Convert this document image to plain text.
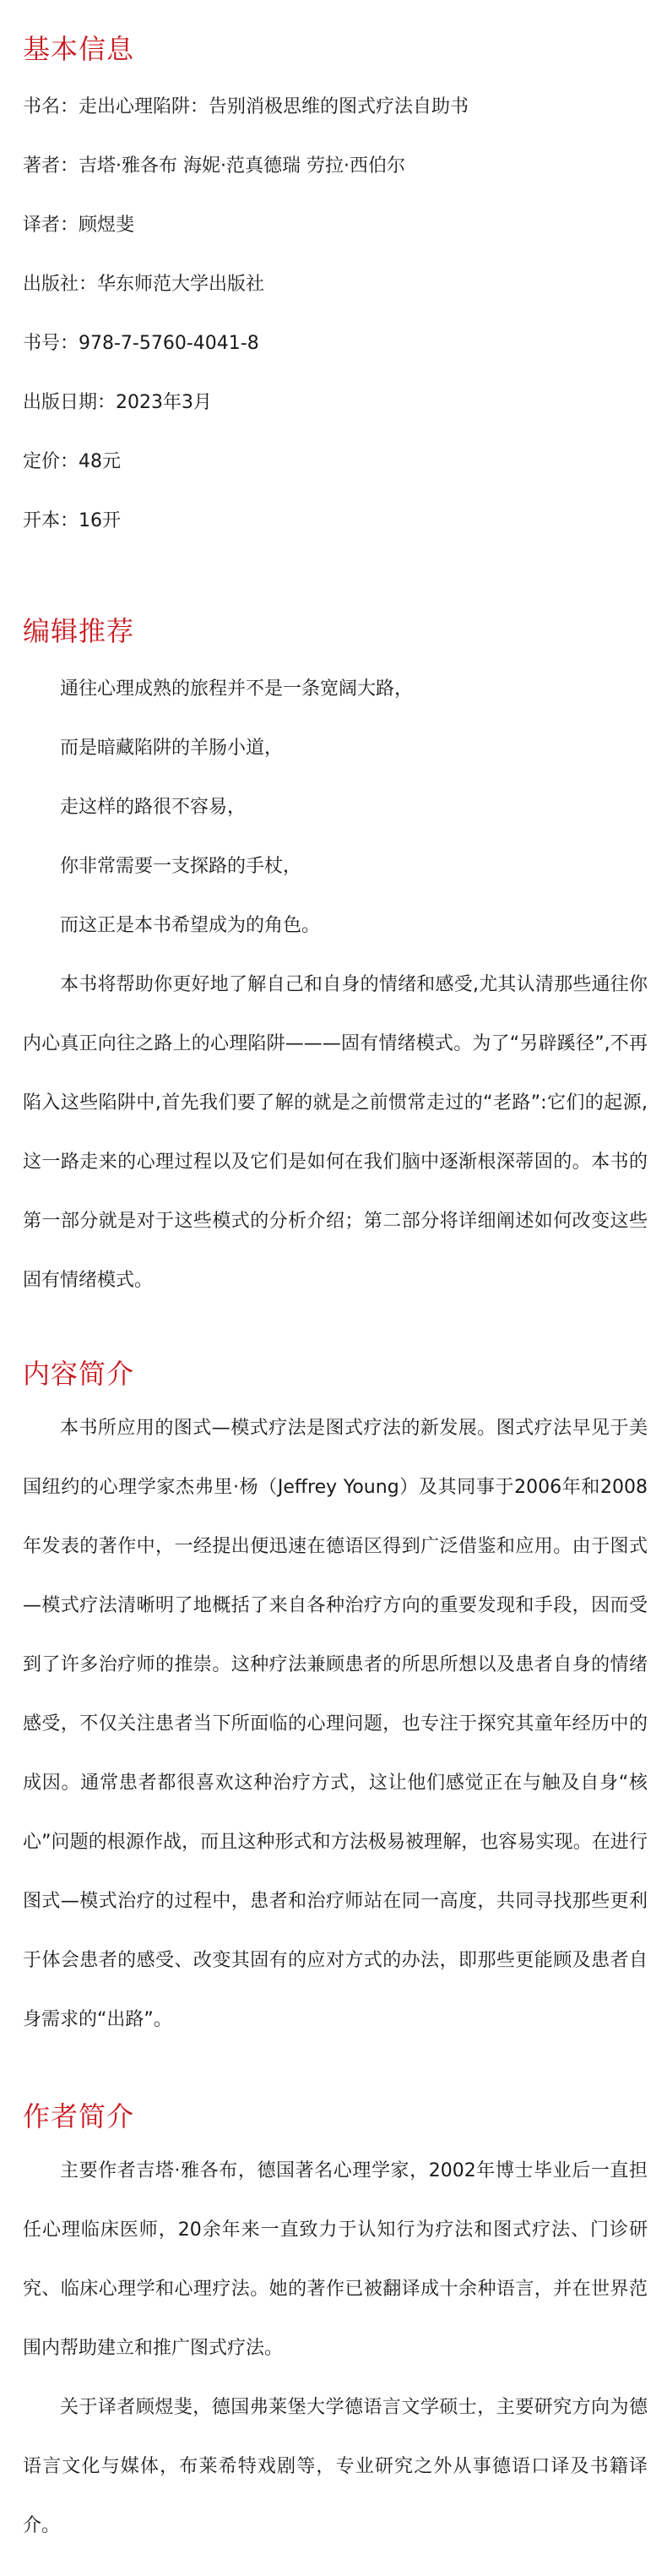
基本信息
书名：走出心理陷阱：告别消极思维的图式疗法自助书
著者：吉塔·雅各布 海妮·范真德瑞 劳拉·西伯尔
译者：顾煜斐
出版社：华东师范大学出版社
书号：978-7-5760-4041-8
出版日期：2023年3月
定价：48元
开本：16开
编辑推荐
通往心理成熟的旅程并不是一条宽阔大路，
而是暗藏陷阱的羊肠小道，
走这样的路很不容易，
你非常需要一支探路的手杖，
而这正是本书希望成为的角色。

本书将帮助你更好地了解自己和自身的情绪和感受,尤其认清那些通往你内心真正向往之路上的心理陷阱———固有情绪模式。为了“另辟蹊径”,不再陷入这些陷阱中,首先我们要了解的就是之前惯常走过的“老路”:它们的起源,这一路走来的心理过程以及它们是如何在我们脑中逐渐根深蒂固的。本书的第一部分就是对于这些模式的分析介绍；第二部分将详细阐述如何改变这些固有情绪模式。

内容简介

本书所应用的图式—模式疗法是图式疗法的新发展。图式疗法早见于美国纽约的心理学家杰弗里·杨（Jeffrey Young）及其同事于2006年和2008年发表的著作中，一经提出便迅速在德语区得到广泛借鉴和应用。由于图式—模式疗法清晰明了地概括了来自各种治疗方向的重要发现和手段，因而受到了许多治疗师的推崇。这种疗法兼顾患者的所思所想以及患者自身的情绪感受，不仅关注患者当下所面临的心理问题，也专注于探究其童年经历中的成因。通常患者都很喜欢这种治疗方式，这让他们感觉正在与触及自身“核心”问题的根源作战，而且这种形式和方法极易被理解，也容易实现。在进行图式—模式治疗的过程中，患者和治疗师站在同一高度，共同寻找那些更利于体会患者的感受、改变其固有的应对方式的办法，即那些更能顾及患者自身需求的“出路”。

作者简介

主要作者吉塔·雅各布，德国著名心理学家，2002年博士毕业后一直担任心理临床医师，20余年来一直致力于认知行为疗法和图式疗法、门诊研究、临床心理学和心理疗法。她的著作已被翻译成十余种语言，并在世界范围内帮助建立和推广图式疗法。

关于译者顾煜斐，德国弗莱堡大学德语言文学硕士，主要研究方向为德语言文化与媒体，布莱希特戏剧等，专业研究之外从事德语口译及书籍译介。
